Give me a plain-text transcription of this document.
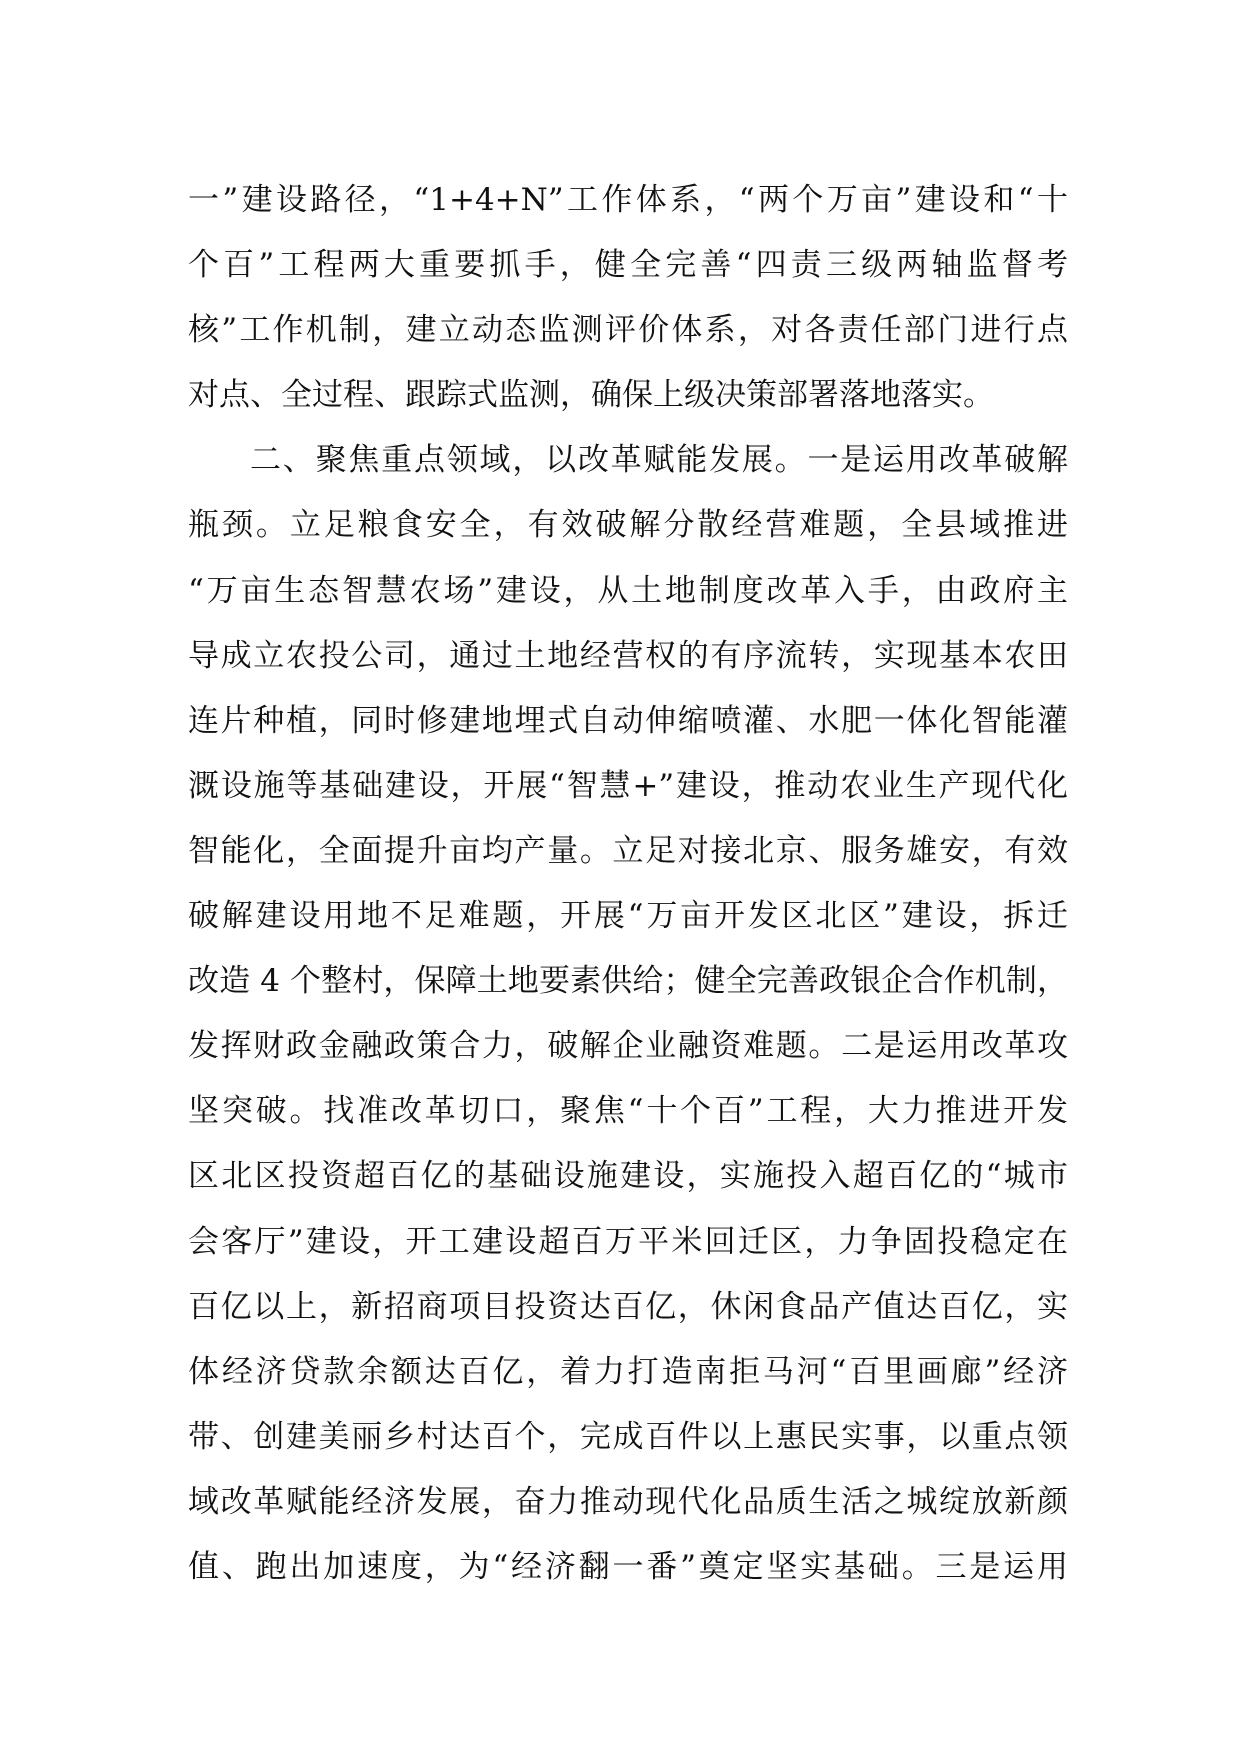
一”建设路径，“1+4+N”工作体系，“两个万亩”建设和“十
个百”工程两大重要抓手，健全完善“四责三级两轴监督考
核”工作机制，建立动态监测评价体系，对各责任部门进行点
对点、全过程、跟踪式监测，确保上级决策部署落地落实。
二、聚焦重点领域，以改革赋能发展。一是运用改革破解
瓶颈。立足粮食安全，有效破解分散经营难题，全县域推进
“万亩生态智慧农场”建设，从土地制度改革入手，由政府主
导成立农投公司，通过土地经营权的有序流转，实现基本农田
连片种植，同时修建地埋式自动伸缩喷灌、水肥一体化智能灌
溉设施等基础建设，开展“智慧+”建设，推动农业生产现代化
智能化，全面提升亩均产量。立足对接北京、服务雄安，有效
破解建设用地不足难题，开展“万亩开发区北区”建设，拆迁
改造 4 个整村，保障土地要素供给；健全完善政银企合作机制，
发挥财政金融政策合力，破解企业融资难题。二是运用改革攻
坚突破。找准改革切口，聚焦“十个百”工程，大力推进开发
区北区投资超百亿的基础设施建设，实施投入超百亿的“城市
会客厅”建设，开工建设超百万平米回迁区，力争固投稳定在
百亿以上，新招商项目投资达百亿，休闲食品产值达百亿，实
体经济贷款余额达百亿，着力打造南拒马河“百里画廊”经济
带、创建美丽乡村达百个，完成百件以上惠民实事，以重点领
域改革赋能经济发展，奋力推动现代化品质生活之城绽放新颜
值、跑出加速度，为“经济翻一番”奠定坚实基础。三是运用
